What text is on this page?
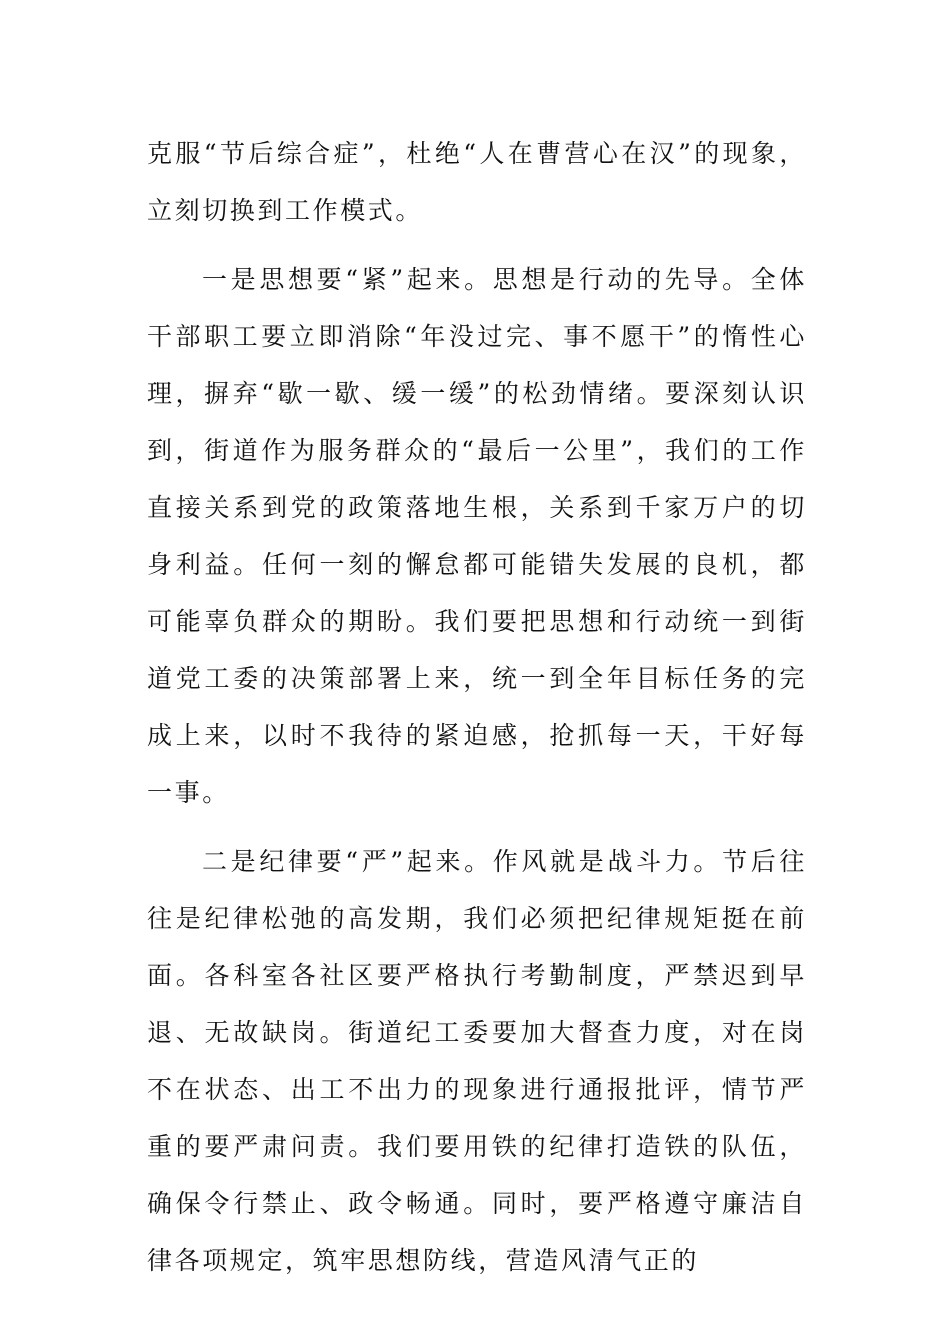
克服“节后综合症”，杜绝“人在曹营心在汉”的现象，立刻切换到工作模式。

一是思想要“紧”起来。思想是行动的先导。全体干部职工要立即消除“年没过完、事不愿干”的惰性心理，摒弃“歇一歇、缓一缓”的松劲情绪。要深刻认识到，街道作为服务群众的“最后一公里”，我们的工作直接关系到党的政策落地生根，关系到千家万户的切身利益。任何一刻的懈怠都可能错失发展的良机，都可能辜负群众的期盼。我们要把思想和行动统一到街道党工委的决策部署上来，统一到全年目标任务的完成上来，以时不我待的紧迫感，抢抓每一天，干好每一事。

二是纪律要“严”起来。作风就是战斗力。节后往往是纪律松弛的高发期，我们必须把纪律规矩挺在前面。各科室各社区要严格执行考勤制度，严禁迟到早退、无故缺岗。街道纪工委要加大督查力度，对在岗不在状态、出工不出力的现象进行通报批评，情节严重的要严肃问责。我们要用铁的纪律打造铁的队伍，确保令行禁止、政令畅通。同时，要严格遵守廉洁自律各项规定，筑牢思想防线，营造风清气正的
